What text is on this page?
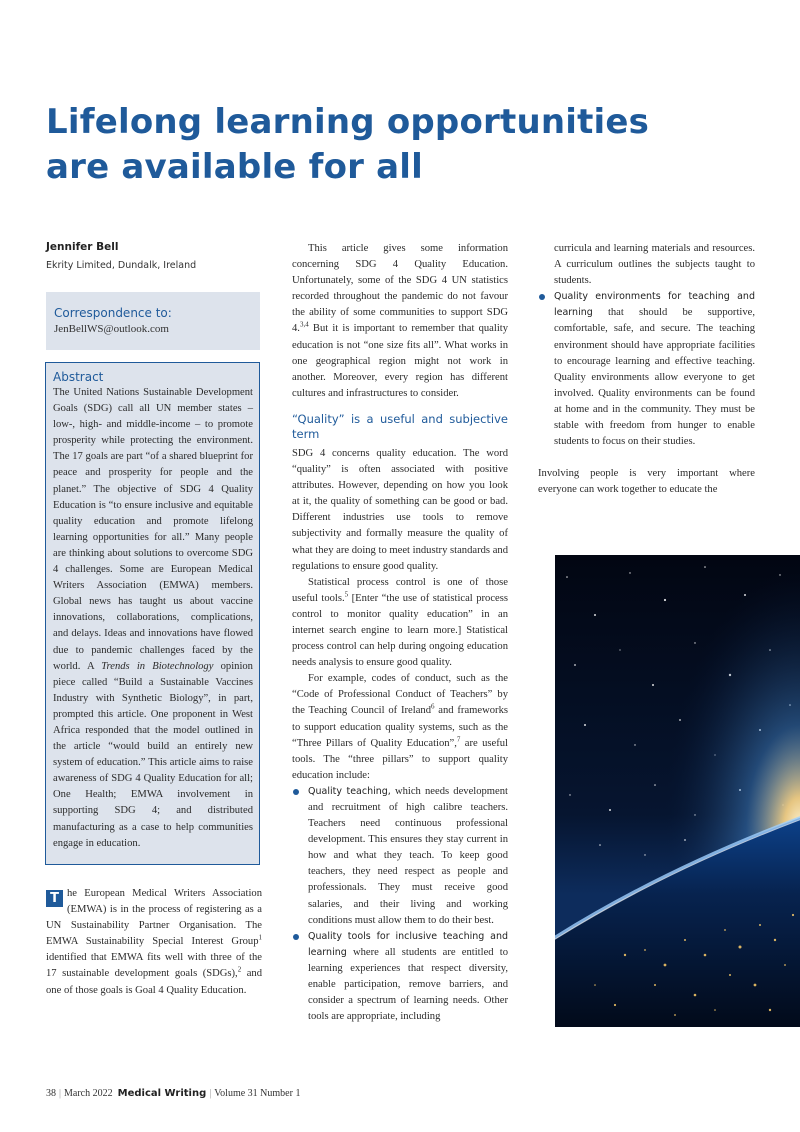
Lifelong learning opportunities
are available for all
Jennifer Bell
Ekrity Limited, Dundalk, Ireland
Correspondence to:
JenBellWS@outlook.com
Abstract
The United Nations Sustainable Development Goals (SDG) call all UN member states – low-, high- and middle-income – to promote prosperity while protecting the environment. The 17 goals are part “of a shared blueprint for peace and prosperity for people and the planet.” The objective of SDG 4 Quality Education is “to ensure inclusive and equitable quality education and promote lifelong learning opportunities for all.” Many people are thinking about solutions to overcome SDG 4 challenges. Some are European Medical Writers Association (EMWA) members. Global news has taught us about vaccine innovations, collaborations, complications, and delays. Ideas and innovations have flowed due to pandemic challenges faced by the world. A Trends in Biotechnology opinion piece called “Build a Sustainable Vaccines Industry with Synthetic Biology”, in part, prompted this article. One proponent in West Africa responded that the model outlined in the article “would build an entirely new system of education.” This article aims to raise awareness of SDG 4 Quality Education for all; One Health; EMWA involvement in supporting SDG 4; and distributed manufacturing as a case to help communities engage in education.
T he European Medical Writers Association (EMWA) is in the process of registering as a UN Sustainability Partner Organisation. The EMWA Sustainability Special Interest Group$^1$ identified that EMWA fits well with three of the 17 sustainable development goals (SDGs),$^2$ and one of those goals is Goal 4 Quality Education.
This article gives some information concerning SDG 4 Quality Education. Unfortunately, some of the SDG 4 UN statistics recorded throughout the pandemic do not favour the ability of some communities to support SDG 4.$^{3,4}$ But it is important to remember that quality education is not “one size fits all”. What works in one geographical region might not work in another. Moreover, every region has different cultures and infrastructures to consider.
“Quality” is a useful and subjective term
SDG 4 concerns quality education. The word “quality” is often associated with positive attributes. However, depending on how you look at it, the quality of something can be good or bad. Different industries use tools to remove subjectivity and formally measure the quality of what they are doing to meet industry standards and regulations to ensure good quality.
Statistical process control is one of those useful tools.$^5$ [Enter “the use of statistical process control to monitor quality education” in an internet search engine to learn more.] Statistical process control can help during ongoing education needs analysis to ensure good quality.
For example, codes of conduct, such as the “Code of Professional Conduct of Teachers” by the Teaching Council of Ireland$^6$ and frameworks to support education quality systems, such as the “Three Pillars of Quality Education”,$^7$ are useful tools. The “three pillars” to support quality education include:
Quality teaching, which needs development and recruitment of high calibre teachers. Teachers need continuous professional development. This ensures they stay current in how and what they teach. To keep good teachers, they need respect as people and professionals. They must receive good salaries, and their living and working conditions must allow them to do their best.
Quality tools for inclusive teaching and learning where all students are entitled to learning experiences that respect diversity, enable participation, remove barriers, and consider a spectrum of learning needs. Other tools are appropriate, including
curricula and learning materials and resources. A curriculum outlines the subjects taught to students.
Quality environments for teaching and learning that should be supportive, comfortable, safe, and secure. The teaching environment should have appropriate facilities to encourage learning and effective teaching. Quality environments allow everyone to get involved. Quality environments can be found at home and in the community. They must be stable with freedom from hunger to enable students to focus on their studies.
Involving people is very important where everyone can work together to educate the
38 | March 2022 Medical Writing | Volume 31 Number 1
